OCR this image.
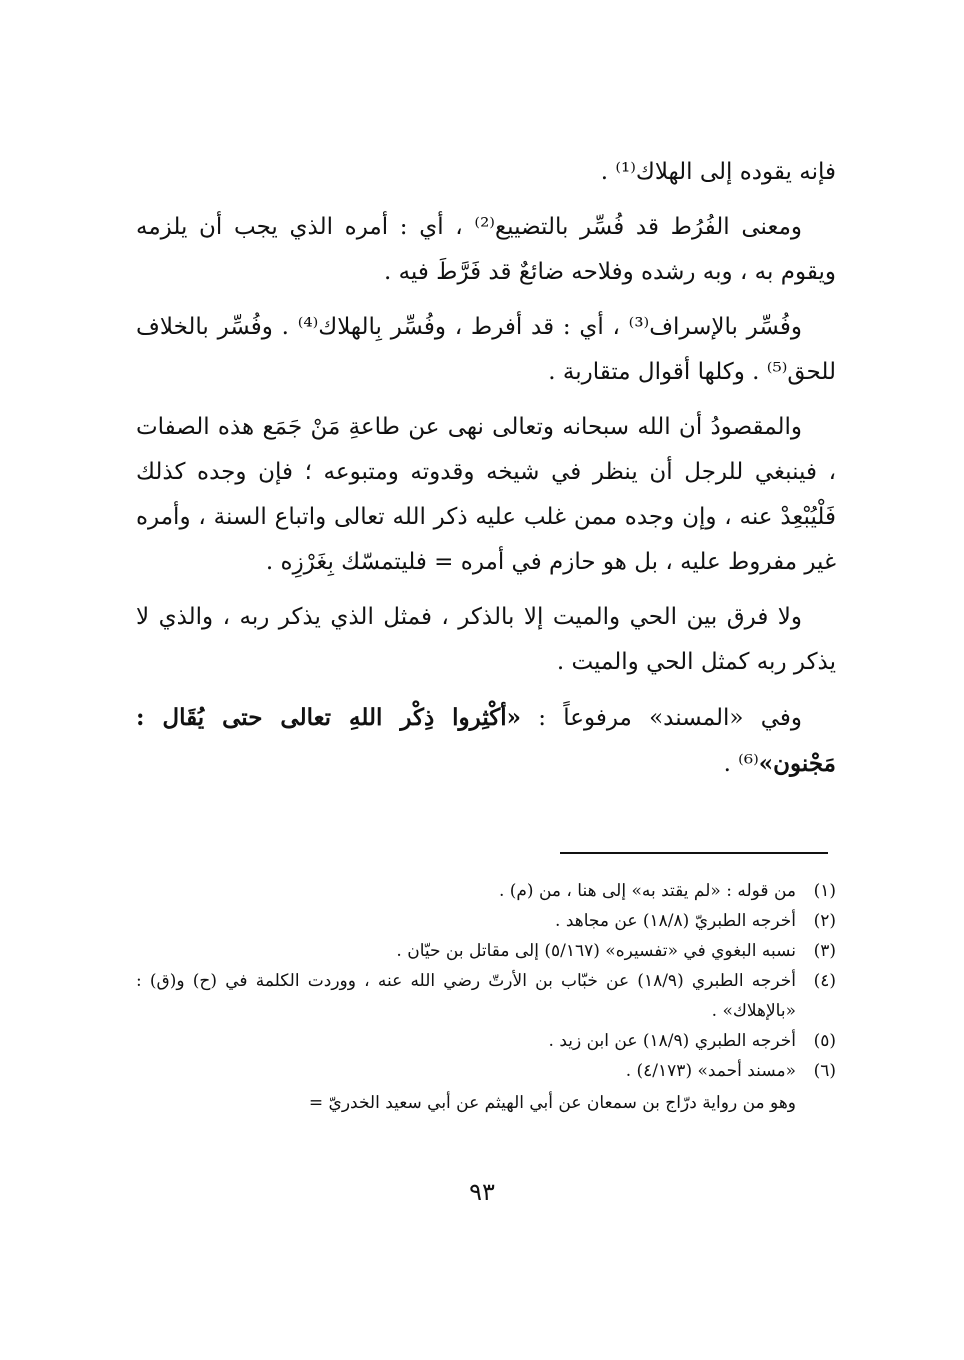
فإنه يقوده إلى الهلاك⁽¹⁾ .

ومعنى الفُرُط قد فُسِّر بالتضييع⁽²⁾ ، أي : أمره الذي يجب أن يلزمه ويقوم به ، وبه رشده وفلاحه ضائعٌ قد فَرَّطَ فيه .

وفُسِّر بالإسراف⁽³⁾ ، أي : قد أفرط ، وفُسِّر بِالهلاك⁽⁴⁾ . وفُسِّر بالخلاف للحق⁽⁵⁾ . وكلها أقوال متقاربة .

والمقصودُ أن الله سبحانه وتعالى نهى عن طاعةِ مَنْ جَمَع هذه الصفات ، فينبغي للرجل أن ينظر في شيخه وقدوته ومتبوعه ؛ فإن وجده كذلك فَلْيُبْعِدْ عنه ، وإن وجده ممن غلب عليه ذكر الله تعالى واتباع السنة ، وأمره غير مفروط عليه ، بل هو حازم في أمره = فليتمسّك بِغَرْزِه .

ولا فرق بين الحي والميت إلا بالذكر ، فمثل الذي يذكر ربه ، والذي لا يذكر ربه كمثل الحي والميت .

وفي «المسند» مرفوعاً : «أكْثِروا ذِكْر اللهِ تعالى حتى يُقَال : مَجْنون»⁽⁶⁾ .

(١)
من قوله : «لم يقتد به» إلى هنا ، من (م) .
(٢)
أخرجه الطبريّ (١٨/٨) عن مجاهد .
(٣)
نسبه البغوي في «تفسيره» (٥/١٦٧) إلى مقاتل بن حيّان .
(٤)
أخرجه الطبري (١٨/٩) عن خبّاب بن الأرتّ رضي الله عنه ، ووردت الكلمة في (ح) و(ق) : «بالإهلاك» .
(٥)
أخرجه الطبري (١٨/٩) عن ابن زيد .
(٦)
«مسند أحمد» (٤/١٧٣) .

وهو من رواية درّاج بن سمعان عن أبي الهيثم عن أبي سعيد الخدريّ =

٩٣
